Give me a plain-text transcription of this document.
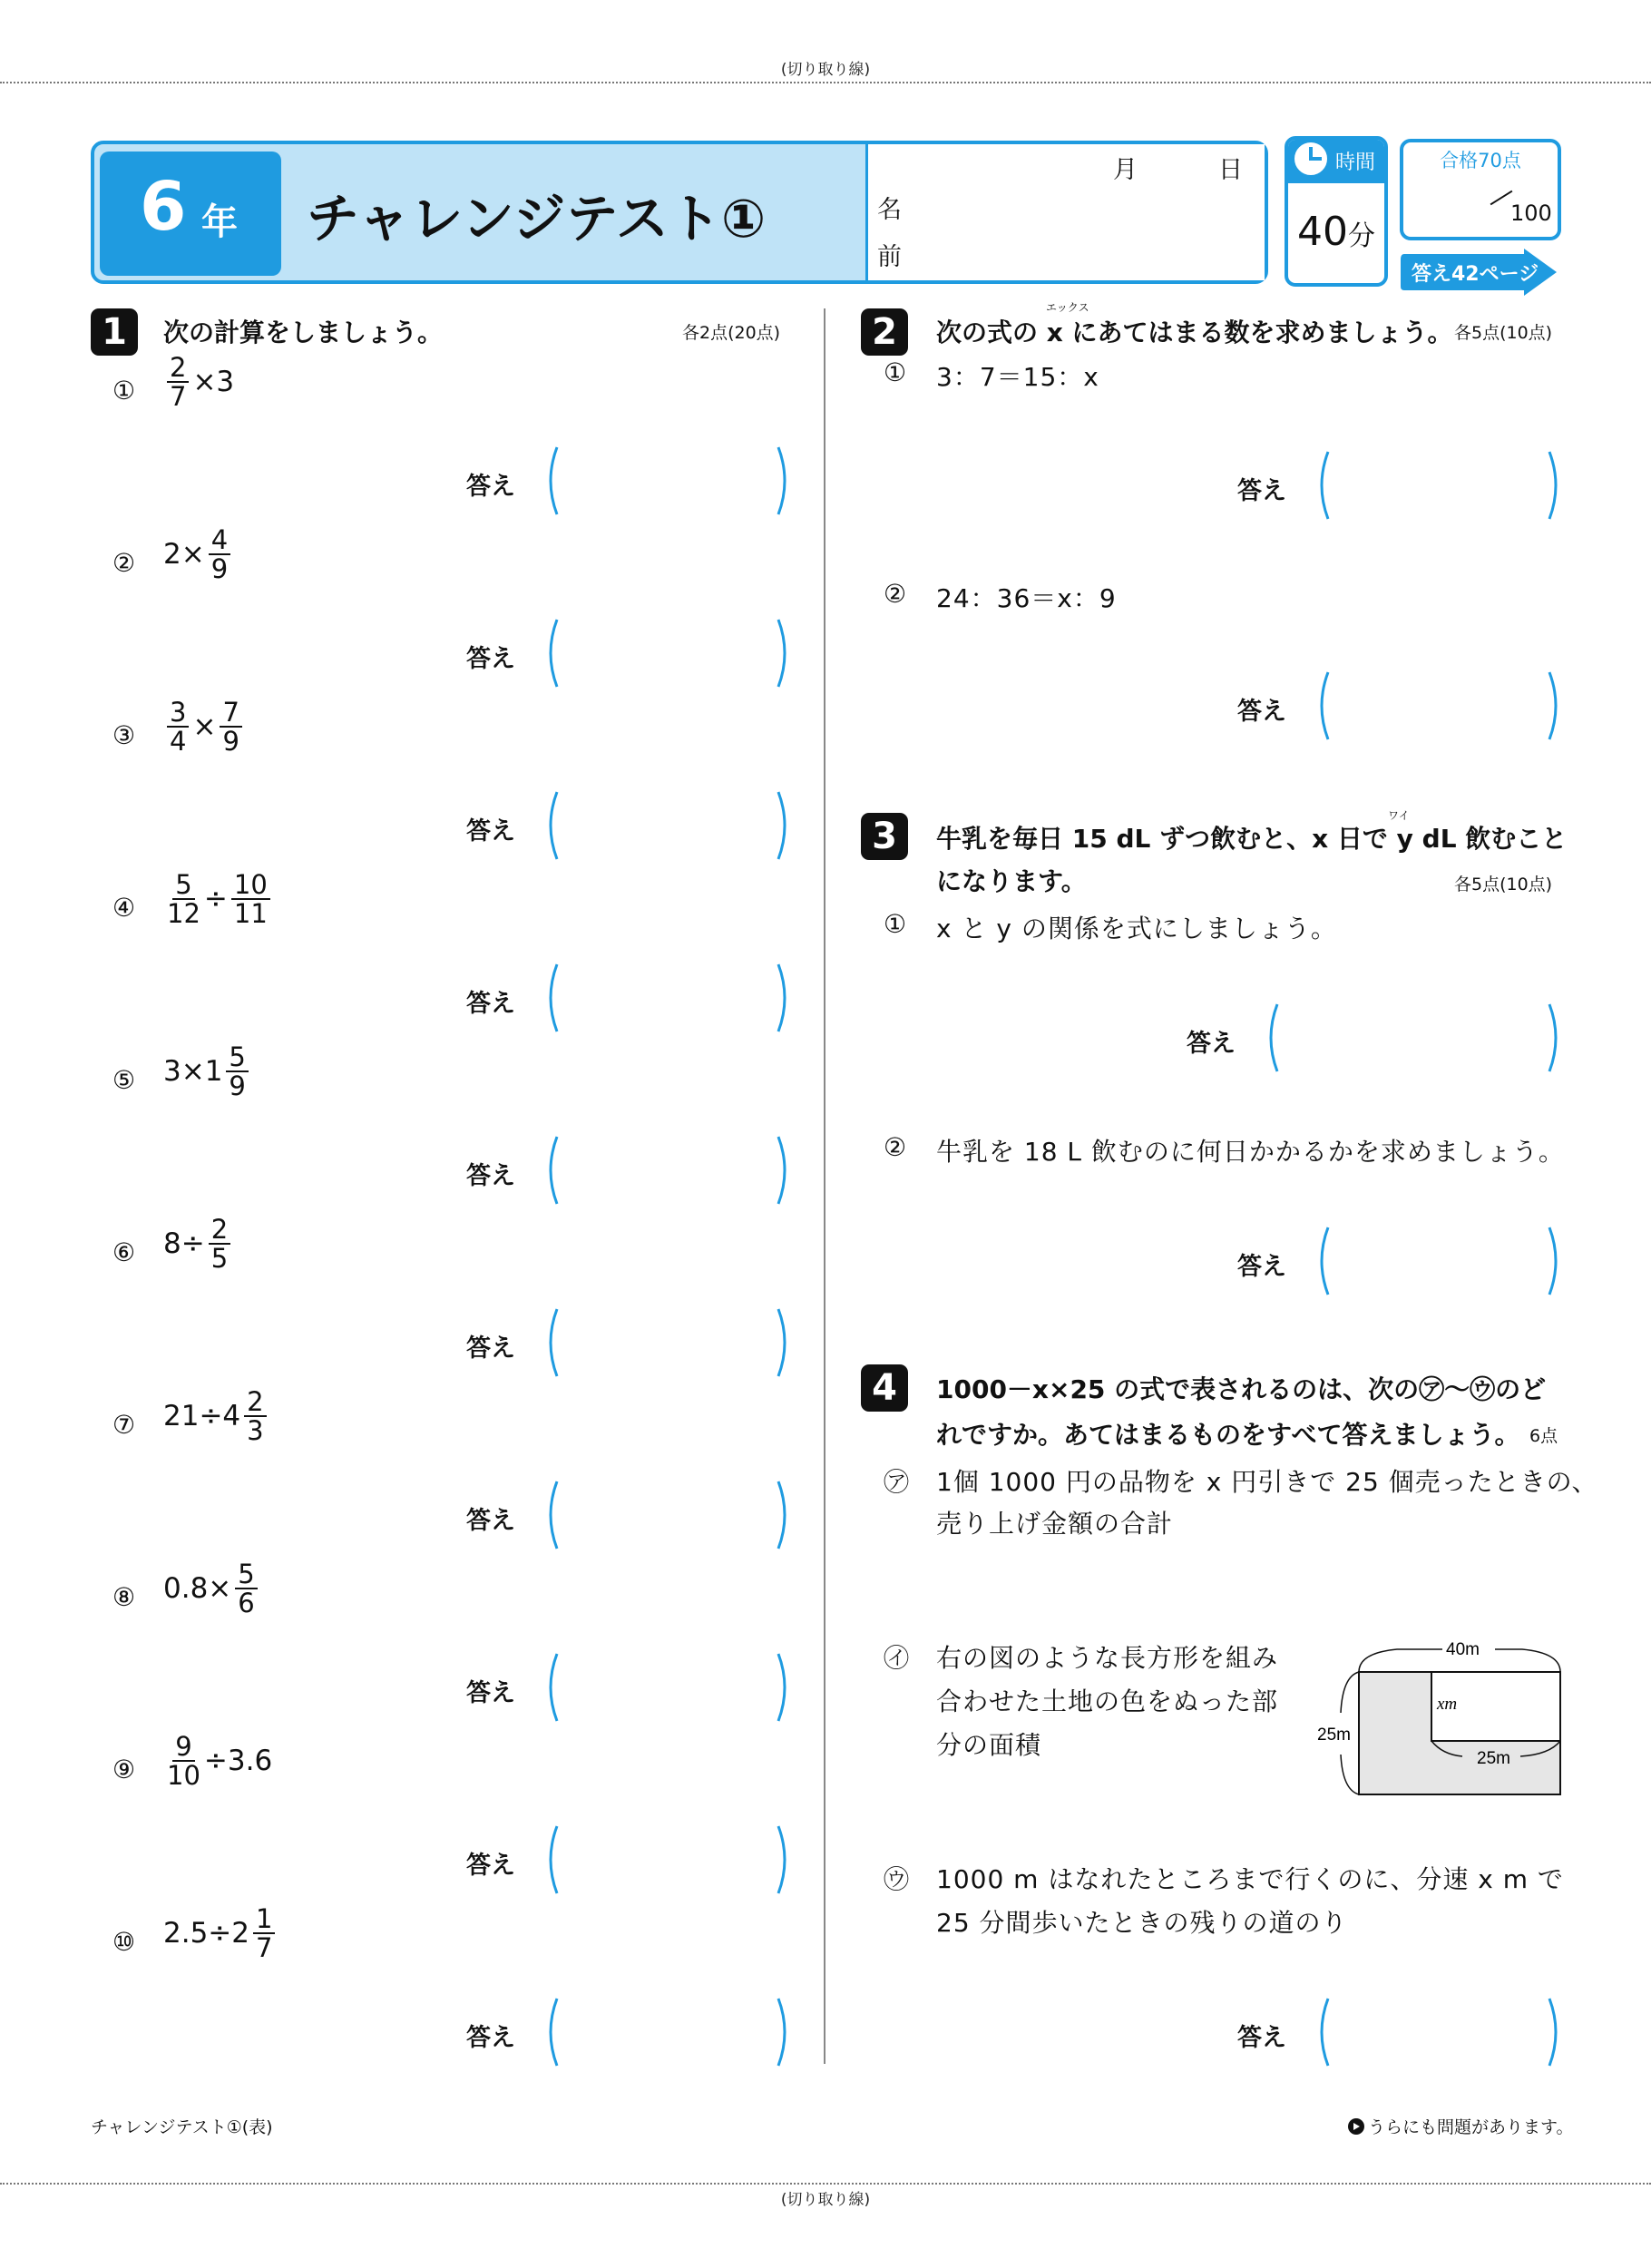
(切り取り線)
(切り取り線)
6 年 チャレンジテスト①
月	日
名
前
時間
40分
合格70点
100
答え42ページ
1	次の計算をしましょう。	各2点(20点)
① $\frac{2}{7} \times 3$
② $2\times \frac{4}{9}$
③ $\frac{3}{4} \times \frac{7}{9}$
④ $\frac{5}{12} \div \frac{10}{11}$
⑤ $3\times 1 \frac{5}{9}$
⑥ $8\div \frac{2}{5}$
⑦ $21\div 4 \frac{2}{3}$
⑧ $0.8\times \frac{5}{6}$
⑨ $\frac{9}{10} \div 3.6$
⑩ $2.5\div 2 \frac{1}{7}$
2
エックス
次の式の x にあてはまる数を求めましょう。 各5点(10点)
① 3：7＝15：x
② 24：36＝x：9
3	ワイ
牛乳を毎日 15 dL ずつ飲むと、x 日で y dL 飲むこと
になります。	各5点(10点)
① x と y の関係を式にしましょう。
② 牛乳を 18 L 飲むのに何日かかるかを求めましょう。
4	1000－x×25 の式で表されるのは、次の㋐～㋒のど
れですか。あてはまるものをすべて答えましょう。 6点
㋐ 1個 1000 円の品物を x 円引きで 25 個売ったときの、
売り上げ金額の合計
㋑ 右の図のような長方形を組み
合わせた土地の色をぬった部
分の面積
40m
25m
xm
25m
㋒ 1000 m はなれたところまで行くのに、分速 x m で
25 分間歩いたときの残りの道のり
答え
答え
答え
答え
答え
答え
答え
答え
答え
答え
答え
答え
答え
答え
答え
チャレンジテスト①(表)	うらにも問題があります。
